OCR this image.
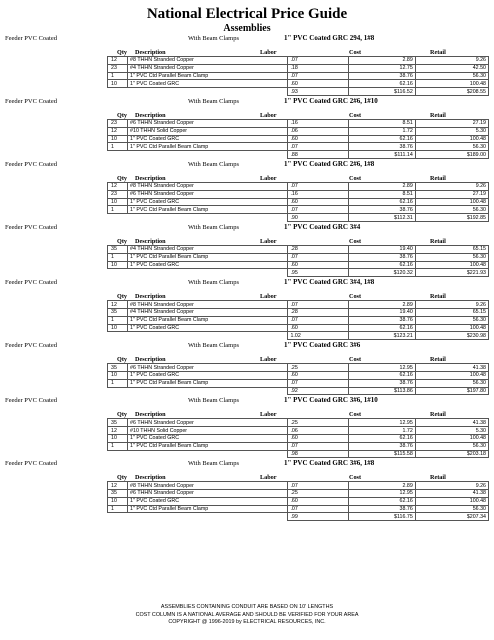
National Electrical Price Guide
Assemblies
Feeder PVC Coated	With Beam Clamps	1" PVC Coated GRC 294, 1#8
Qty Description	Labor	Cost	Retail
12	#8 THHN Stranded Copper	.07	2.89	9.26
23	#4 THHN Stranded Copper	.18	12.75	42.50
1	1" PVC Ctd Parallel Beam Clamp	.07	38.76	56.30
10	1" PVC Coated GRC	.60	62.16	100.48
		.93	$116.52	$208.55
Feeder PVC Coated	With Beam Clamps	1" PVC Coated GRC 2#6, 1#10
Qty Description	Labor	Cost	Retail
23	#6 THHN Stranded Copper	.16	8.51	27.19
12	#10 THHN Solid Copper	.06	1.72	5.30
10	1" PVC Coated GRC	.60	62.16	100.48
1	1" PVC Ctd Parallel Beam Clamp	.07	38.76	56.30
		.88	$111.14	$189.00
Feeder PVC Coated	With Beam Clamps	1" PVC Coated GRC 2#6, 1#8
Qty Description	Labor	Cost	Retail
12	#8 THHN Stranded Copper	.07	2.89	9.26
23	#6 THHN Stranded Copper	.16	8.51	27.19
10	1" PVC Coated GRC	.60	62.16	100.48
1	1" PVC Ctd Parallel Beam Clamp	.07	38.76	56.30
		.90	$112.31	$192.85
Feeder PVC Coated	With Beam Clamps	1" PVC Coated GRC 3#4
Qty Description	Labor	Cost	Retail
35	#4 THHN Stranded Copper	.28	19.40	65.15
1	1" PVC Ctd Parallel Beam Clamp	.07	38.76	56.30
10	1" PVC Coated GRC	.60	62.16	100.48
		.95	$120.32	$221.93
Feeder PVC Coated	With Beam Clamps	1" PVC Coated GRC 3#4, 1#8
Qty Description	Labor	Cost	Retail
12	#8 THHN Stranded Copper	.07	2.89	9.26
35	#4 THHN Stranded Copper	.28	19.40	65.15
1	1" PVC Ctd Parallel Beam Clamp	.07	38.76	56.30
10	1" PVC Coated GRC	.60	62.16	100.48
		1.02	$123.21	$230.98
Feeder PVC Coated	With Beam Clamps	1" PVC Coated GRC 3#6
Qty Description	Labor	Cost	Retail
35	#6 THHN Stranded Copper	.25	12.95	41.38
10	1" PVC Coated GRC	.60	62.16	100.48
1	1" PVC Ctd Parallel Beam Clamp	.07	38.76	56.30
		.92	$113.86	$197.80
Feeder PVC Coated	With Beam Clamps	1" PVC Coated GRC 3#6, 1#10
Qty Description	Labor	Cost	Retail
35	#6 THHN Stranded Copper	.25	12.95	41.38
12	#10 THHN Solid Copper	.06	1.72	5.30
10	1" PVC Coated GRC	.60	62.16	100.48
1	1" PVC Ctd Parallel Beam Clamp	.07	38.76	56.30
		.98	$115.58	$203.18
Feeder PVC Coated	With Beam Clamps	1" PVC Coated GRC 3#6, 1#8
Qty Description	Labor	Cost	Retail
12	#8 THHN Stranded Copper	.07	2.89	9.26
35	#6 THHN Stranded Copper	.25	12.95	41.38
10	1" PVC Coated GRC	.60	62.16	100.48
1	1" PVC Ctd Parallel Beam Clamp	.07	38.76	56.30
		.99	$116.75	$207.34
ASSEMBLIES CONTAINING CONDUIT ARE BASED ON 10' LENGTHS
COST COLUMN IS A NATIONAL AVERAGE AND SHOULD BE VERIFIED FOR YOUR AREA
COPYRIGHT @ 1996-2019 by ELECTRICAL RESOURCES, INC.
